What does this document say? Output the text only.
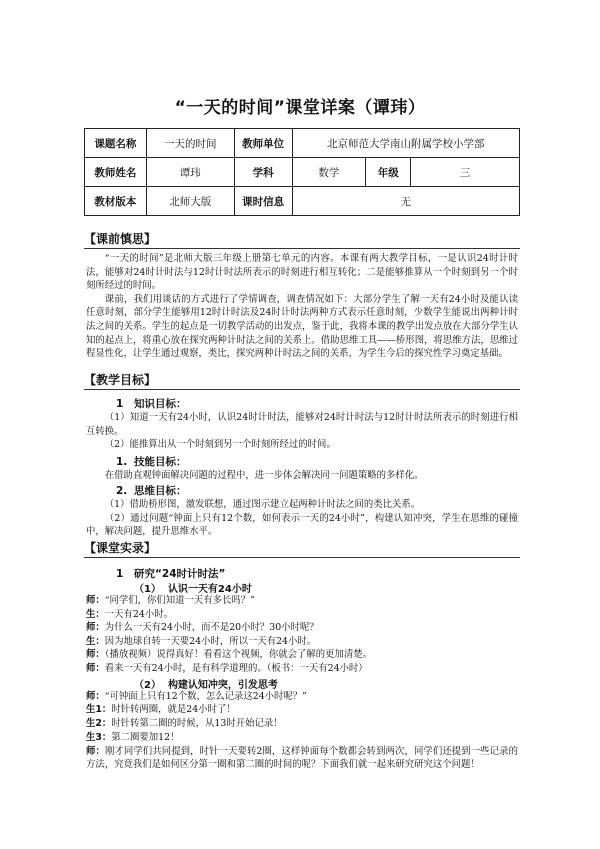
“一天的时间”课堂详案（谭玮）
课题名称	一天的时间	教师单位	北京师范大学南山附属学校小学部		
教师姓名	谭玮	学科	数学	年级	三
教材版本	北师大版	课时信息	无		
【课前慎思】

“一天的时间”是北师大版三年级上册第七单元的内容。本课有两大教学目标，一是认识24时计时法，能够对24时计时法与12时计时法所表示的时刻进行相互转化；二是能够推算从一个时刻到另一个时刻所经过的时间。

课前，我们用谈话的方式进行了学情调查，调查情况如下：大部分学生了解一天有24小时及能认读任意时刻，部分学生能够用12时计时法及24时计时法两种方式表示任意时刻，少数学生能说出两种计时法之间的关系。学生的起点是一切教学活动的出发点，鉴于此，我将本课的教学出发点放在大部分学生认知的起点上，将重心放在探究两种计时法之间的关系上。借助思维工具——桥形图，将思维方法，思维过程显性化，让学生通过观察，类比，探究两种计时法之间的关系，为学生今后的探究性学习奠定基础。

【教学目标】
1 知识目标：

（1）知道一天有24小时，认识24时计时法，能够对24时计时法与12时计时法所表示的时刻进行相互转换。

（2）能推算出从一个时刻到另一个时刻所经过的时间。

1. 技能目标：

在借助直观钟面解决问题的过程中，进一步体会解决同一问题策略的多样化。

2. 思维目标：

（1）借助桥形图，激发联想，通过图示建立起两种计时法之间的类比关系。

（2）通过问题“钟面上只有12个数，如何表示一天的24小时”，构建认知冲突，学生在思维的碰撞中，解决问题，提升思维水平。

【课堂实录】
1 研究“24时计时法”
（1） 认识一天有24小时
师：“同学们，你们知道一天有多长吗？”
生：一天有24小时。
师：为什么一天有24小时，而不是20小时？30小时呢？
生：因为地球自转一天要24小时，所以一天有24小时。
师：（播放视频）说得真好！看看这个视频，你就会了解的更加清楚。
师：看来一天有24小时，是有科学道理的。（板书：一天有24小时）
（2） 构建认知冲突，引发思考
师：“可钟面上只有12个数，怎么记录这24小时呢？”
生1：时针转两圈，就是24小时了！
生2：时针转第二圈的时候，从13时开始记录！
生3：第二圈要加12！
师：刚才同学们共同提到，时针一天要转2圈，这样钟面每个数都会转到两次，同学们还提到一些记录的方法，究竟我们是如何区分第一圈和第二圈的时间的呢？下面我们就一起来研究研究这个问题！
